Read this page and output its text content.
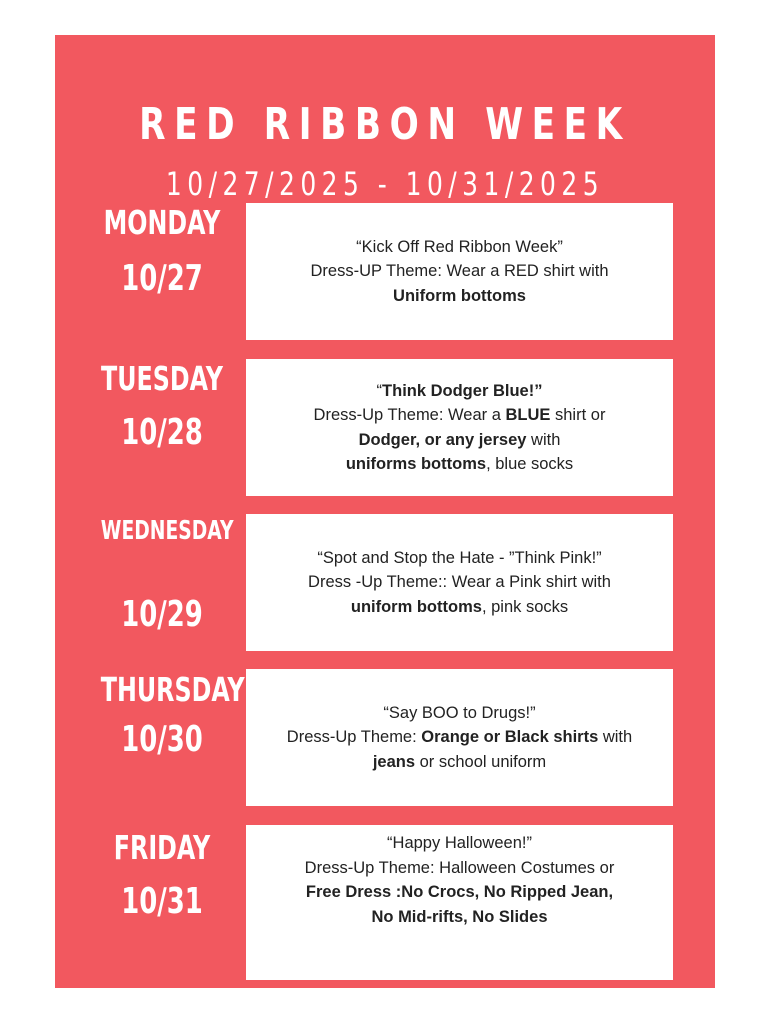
RED RIBBON WEEK
10/27/2025 - 10/31/2025
MONDAY
10/27
“Kick Off Red Ribbon Week”
Dress-UP Theme: Wear a RED shirt with
Uniform bottoms
TUESDAY
10/28
“Think Dodger Blue!”
Dress-Up Theme: Wear a BLUE shirt or
Dodger, or any jersey with
uniforms bottoms, blue socks
WEDNESDAY
10/29
“Spot and Stop the Hate - ”Think Pink!”
Dress -Up Theme:: Wear a Pink shirt with
uniform bottoms, pink socks
THURSDAY
10/30
“Say BOO to Drugs!”
Dress-Up Theme: Orange or Black shirts with
jeans or school uniform
FRIDAY
10/31
“Happy Halloween!”
Dress-Up Theme: Halloween Costumes or
Free Dress :No Crocs, No Ripped Jean,
No Mid-rifts, No Slides
